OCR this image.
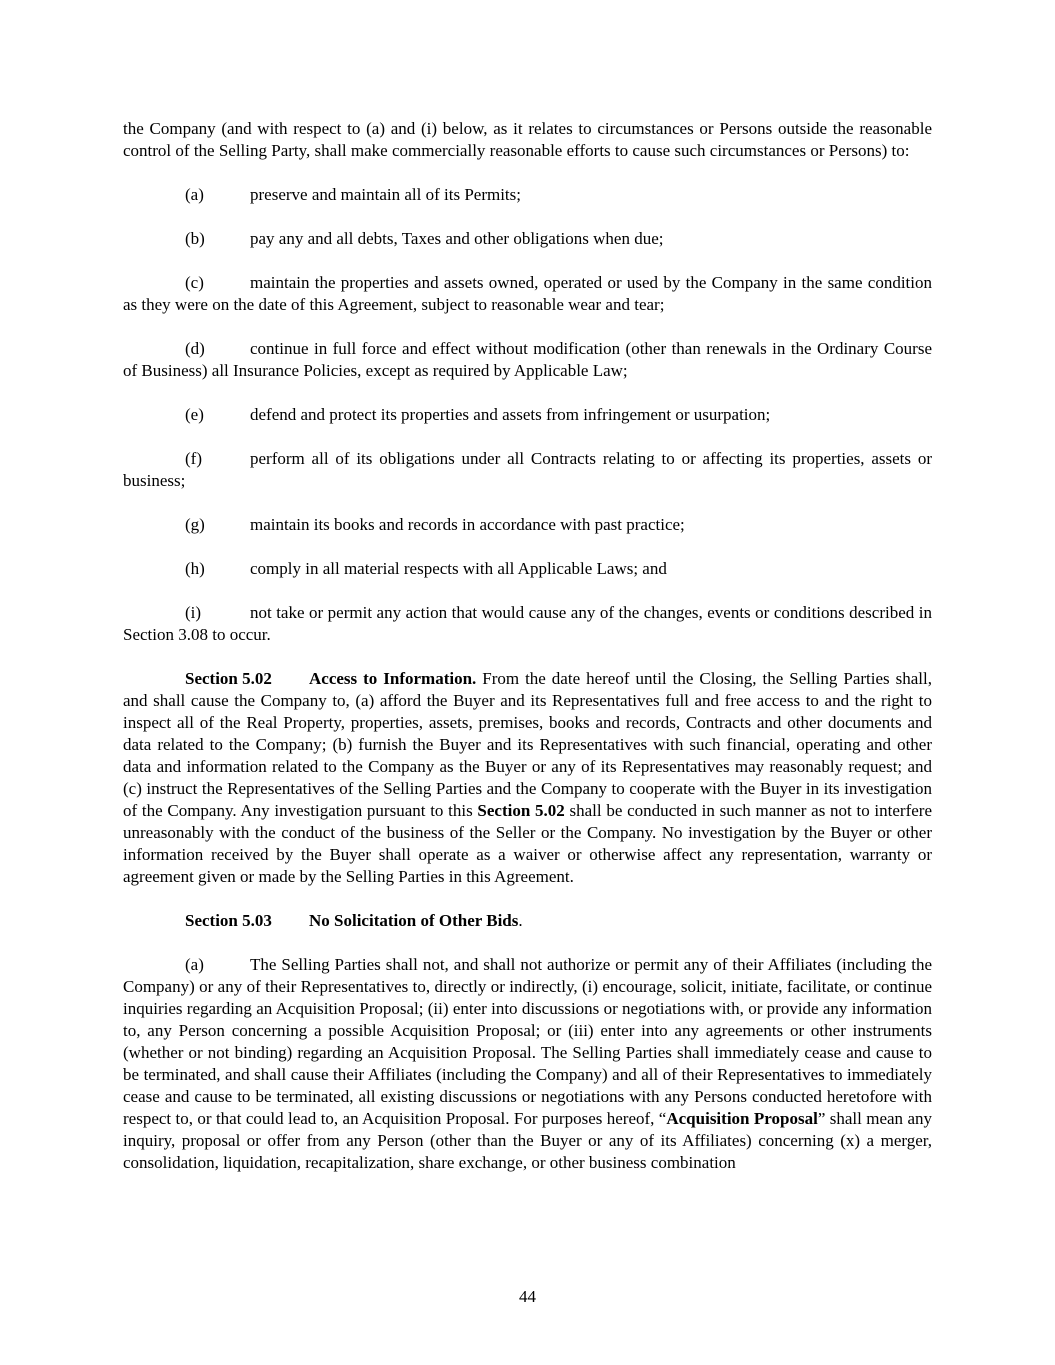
the Company (and with respect to (a) and (i) below, as it relates to circumstances or Persons outside the reasonable control of the Selling Party, shall make commercially reasonable efforts to cause such circumstances or Persons) to:

(a)	preserve and maintain all of its Permits;

(b)	pay any and all debts, Taxes and other obligations when due;

(c)	maintain the properties and assets owned, operated or used by the Company in the same condition as they were on the date of this Agreement, subject to reasonable wear and tear;

(d)	continue in full force and effect without modification (other than renewals in the Ordinary Course of Business) all Insurance Policies, except as required by Applicable Law;

(e)	defend and protect its properties and assets from infringement or usurpation;

(f)	perform all of its obligations under all Contracts relating to or affecting its properties, assets or business;

(g)	maintain its books and records in accordance with past practice;

(h)	comply in all material respects with all Applicable Laws; and

(i)	not take or permit any action that would cause any of the changes, events or conditions described in Section 3.08 to occur.

Section 5.02 Access to Information. From the date hereof until the Closing, the Selling Parties shall, and shall cause the Company to, (a) afford the Buyer and its Representatives full and free access to and the right to inspect all of the Real Property, properties, assets, premises, books and records, Contracts and other documents and data related to the Company; (b) furnish the Buyer and its Representatives with such financial, operating and other data and information related to the Company as the Buyer or any of its Representatives may reasonably request; and (c) instruct the Representatives of the Selling Parties and the Company to cooperate with the Buyer in its investigation of the Company. Any investigation pursuant to this Section 5.02 shall be conducted in such manner as not to interfere unreasonably with the conduct of the business of the Seller or the Company. No investigation by the Buyer or other information received by the Buyer shall operate as a waiver or otherwise affect any representation, warranty or agreement given or made by the Selling Parties in this Agreement.

Section 5.03 No Solicitation of Other Bids.

(a)	The Selling Parties shall not, and shall not authorize or permit any of their Affiliates (including the Company) or any of their Representatives to, directly or indirectly, (i) encourage, solicit, initiate, facilitate, or continue inquiries regarding an Acquisition Proposal; (ii) enter into discussions or negotiations with, or provide any information to, any Person concerning a possible Acquisition Proposal; or (iii) enter into any agreements or other instruments (whether or not binding) regarding an Acquisition Proposal. The Selling Parties shall immediately cease and cause to be terminated, and shall cause their Affiliates (including the Company) and all of their Representatives to immediately cease and cause to be terminated, all existing discussions or negotiations with any Persons conducted heretofore with respect to, or that could lead to, an Acquisition Proposal. For purposes hereof, “Acquisition Proposal” shall mean any inquiry, proposal or offer from any Person (other than the Buyer or any of its Affiliates) concerning (x) a merger, consolidation, liquidation, recapitalization, share exchange, or other business combination

44
